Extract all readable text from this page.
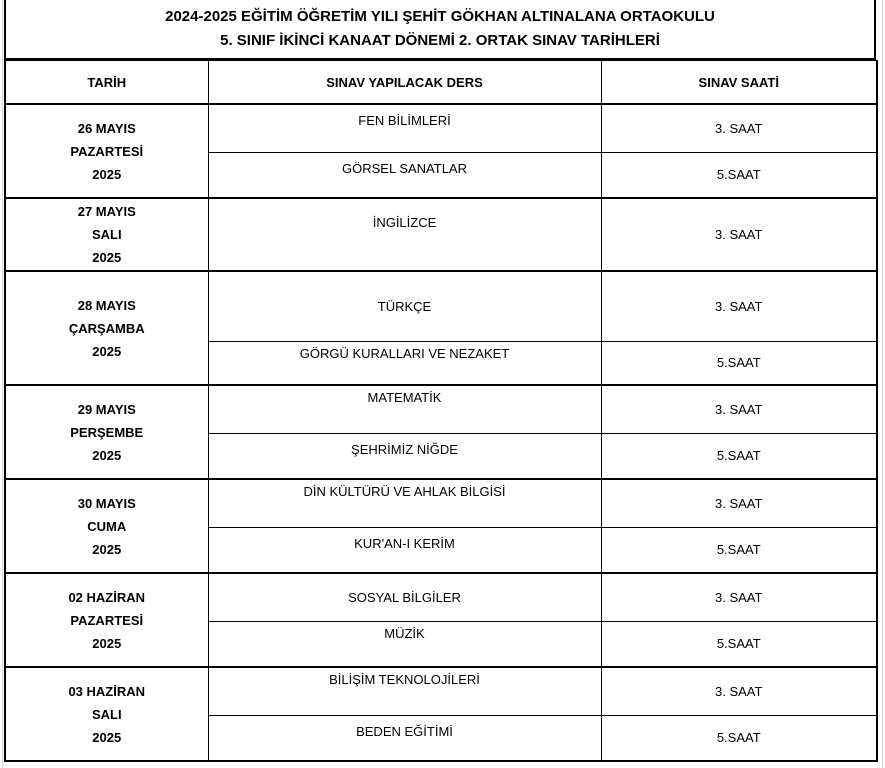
2024-2025 EĞİTİM ÖĞRETİM YILI ŞEHİT GÖKHAN ALTINALANA ORTAOKULU
5. SINIF İKİNCİ KANAAT DÖNEMİ 2. ORTAK SINAV TARİHLERİ
TARİH	SINAV YAPILACAK DERS	SINAV SAATİ

26 MAYIS
PAZARTESİ
2025	FEN BİLİMLERİ	3. SAAT
	GÖRSEL SANATLAR	5.SAAT

27 MAYIS
SALI
2025	İNGİLİZCE	3. SAAT

28 MAYIS
ÇARŞAMBA
2025	TÜRKÇE	3. SAAT
	GÖRGÜ KURALLARI VE NEZAKET	5.SAAT

29 MAYIS
PERŞEMBE
2025	MATEMATİK	3. SAAT
	ŞEHRİMİZ NİĞDE	5.SAAT

30 MAYIS
CUMA
2025	DİN KÜLTÜRÜ VE AHLAK BİLGİSİ	3. SAAT
	KUR'AN-I KERİM	5.SAAT

02 HAZİRAN
PAZARTESİ
2025	SOSYAL BİLGİLER	3. SAAT
	MÜZİK	5.SAAT

03 HAZİRAN
SALI
2025	BİLİŞİM TEKNOLOJİLERİ	3. SAAT
	BEDEN EĞİTİMİ	5.SAAT
